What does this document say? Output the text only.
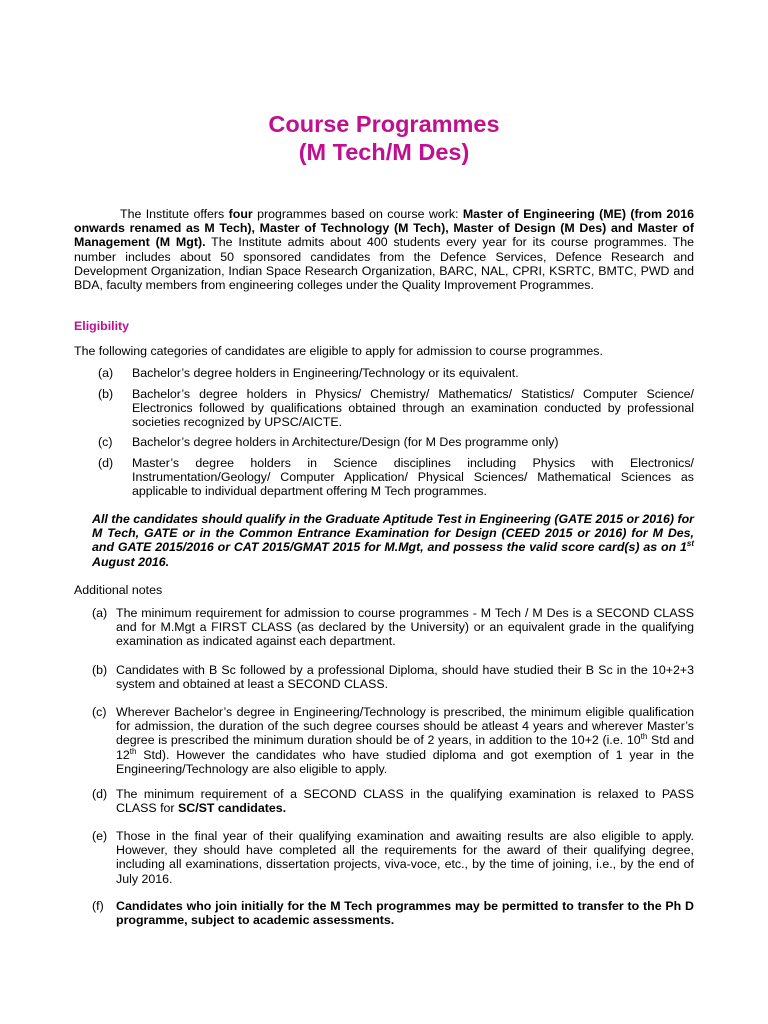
Course Programmes
(M Tech/M Des)
The Institute offers four programmes based on course work: Master of Engineering (ME) (from 2016 onwards renamed as M Tech), Master of Technology (M Tech), Master of Design (M Des) and Master of Management (M Mgt). The Institute admits about 400 students every year for its course programmes. The number includes about 50 sponsored candidates from the Defence Services, Defence Research and Development Organization, Indian Space Research Organization, BARC, NAL, CPRI, KSRTC, BMTC, PWD and BDA, faculty members from engineering colleges under the Quality Improvement Programmes.
Eligibility
The following categories of candidates are eligible to apply for admission to course programmes.
(a) Bachelor’s degree holders in Engineering/Technology or its equivalent.
(b) Bachelor’s degree holders in Physics/ Chemistry/ Mathematics/ Statistics/ Computer Science/ Electronics followed by qualifications obtained through an examination conducted by professional societies recognized by UPSC/AICTE.
(c) Bachelor’s degree holders in Architecture/Design (for M Des programme only)
(d) Master’s degree holders in Science disciplines including Physics with Electronics/ Instrumentation/Geology/ Computer Application/ Physical Sciences/ Mathematical Sciences as applicable to individual department offering M Tech programmes.
All the candidates should qualify in the Graduate Aptitude Test in Engineering (GATE 2015 or 2016) for M Tech, GATE or in the Common Entrance Examination for Design (CEED 2015 or 2016) for M Des, and GATE 2015/2016 or CAT 2015/GMAT 2015 for M.Mgt, and possess the valid score card(s) as on 1st August 2016.
Additional notes
(a) The minimum requirement for admission to course programmes - M Tech / M Des is a SECOND CLASS and for M.Mgt a FIRST CLASS (as declared by the University) or an equivalent grade in the qualifying examination as indicated against each department.
(b) Candidates with B Sc followed by a professional Diploma, should have studied their B Sc in the 10+2+3 system and obtained at least a SECOND CLASS.
(c) Wherever Bachelor’s degree in Engineering/Technology is prescribed, the minimum eligible qualification for admission, the duration of the such degree courses should be atleast 4 years and wherever Master’s degree is prescribed the minimum duration should be of 2 years, in addition to the 10+2 (i.e. 10th Std and 12th Std). However the candidates who have studied diploma and got exemption of 1 year in the Engineering/Technology are also eligible to apply.
(d) The minimum requirement of a SECOND CLASS in the qualifying examination is relaxed to PASS CLASS for SC/ST candidates.
(e) Those in the final year of their qualifying examination and awaiting results are also eligible to apply. However, they should have completed all the requirements for the award of their qualifying degree, including all examinations, dissertation projects, viva-voce, etc., by the time of joining, i.e., by the end of July 2016.
(f) Candidates who join initially for the M Tech programmes may be permitted to transfer to the Ph D programme, subject to academic assessments.
